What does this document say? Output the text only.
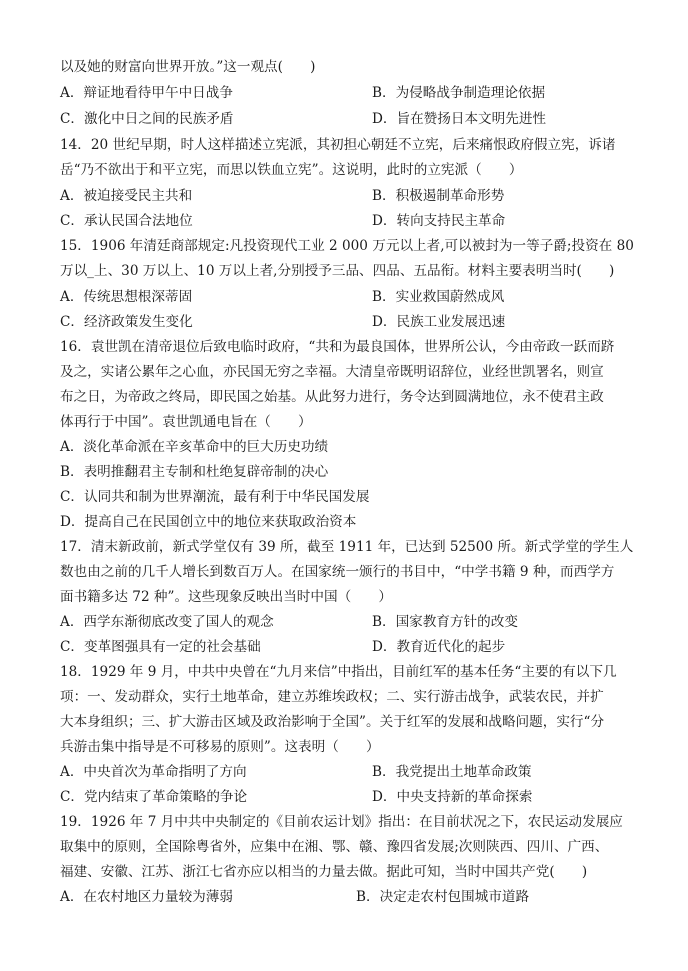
以及她的财富向世界开放。”这一观点(　　)
A．辩证地看待甲午中日战争	B．为侵略战争制造理论依据
C．激化中日之间的民族矛盾	D．旨在赞扬日本文明先进性
14．20 世纪早期，时人这样描述立宪派，其初担心朝廷不立宪，后来痛恨政府假立宪，诉诸
岳“乃不欲出于和平立宪，而思以铁血立宪”。这说明，此时的立宪派（　　）
A．被迫接受民主共和	B．积极遏制革命形势
C．承认民国合法地位	D．转向支持民主革命
15．1906 年清廷商部规定:凡投资现代工业 2 000 万元以上者,可以被封为一等子爵;投资在 80
万以_上、30 万以上、10 万以上者,分别授予三品、四品、五品衔。材料主要表明当时(　　)
A．传统思想根深蒂固	B．实业救国蔚然成风
C．经济政策发生变化	D．民族工业发展迅速
16．袁世凯在清帝退位后致电临时政府，“共和为最良国体，世界所公认，今由帝政一跃而跻
及之，实诸公累年之心血，亦民国无穷之幸福。大清皇帝既明诏辞位，业经世凯署名，则宣
布之日，为帝政之终局，即民国之始基。从此努力进行，务令达到圆满地位，永不使君主政
体再行于中国”。袁世凯通电旨在（　　）
A．淡化革命派在辛亥革命中的巨大历史功绩
B．表明推翻君主专制和杜绝复辟帝制的决心
C．认同共和制为世界潮流，最有利于中华民国发展
D．提高自己在民国创立中的地位来获取政治资本
17．清末新政前，新式学堂仅有 39 所，截至 1911 年，已达到 52500 所。新式学堂的学生人
数也由之前的几千人增长到数百万人。在国家统一颁行的书目中，“中学书籍 9 种，而西学方
面书籍多达 72 种”。这些现象反映出当时中国（　　）
A．西学东渐彻底改变了国人的观念	B．国家教育方针的改变
C．变革图强具有一定的社会基础	D．教育近代化的起步
18．1929 年 9 月，中共中央曾在“九月来信”中指出，目前红军的基本任务“主要的有以下几
项：一、发动群众，实行土地革命，建立苏维埃政权；二、实行游击战争，武装农民，并扩
大本身组织；三、扩大游击区域及政治影响于全国”。关于红军的发展和战略问题，实行“分
兵游击集中指导是不可移易的原则”。这表明（　　）
A．中央首次为革命指明了方向	B．我党提出土地革命政策
C．党内结束了革命策略的争论	D．中央支持新的革命探索
19．1926 年 7 月中共中央制定的《目前农运计划》指出：在目前状况之下，农民运动发展应
取集中的原则，全国除粤省外，应集中在湘、鄂、赣、豫四省发展;次则陕西、四川、广西、
福建、安徽、江苏、浙江七省亦应以相当的力量去做。据此可知，当时中国共产党(　　)
A．在农村地区力量较为薄弱	B．决定走农村包围城市道路
